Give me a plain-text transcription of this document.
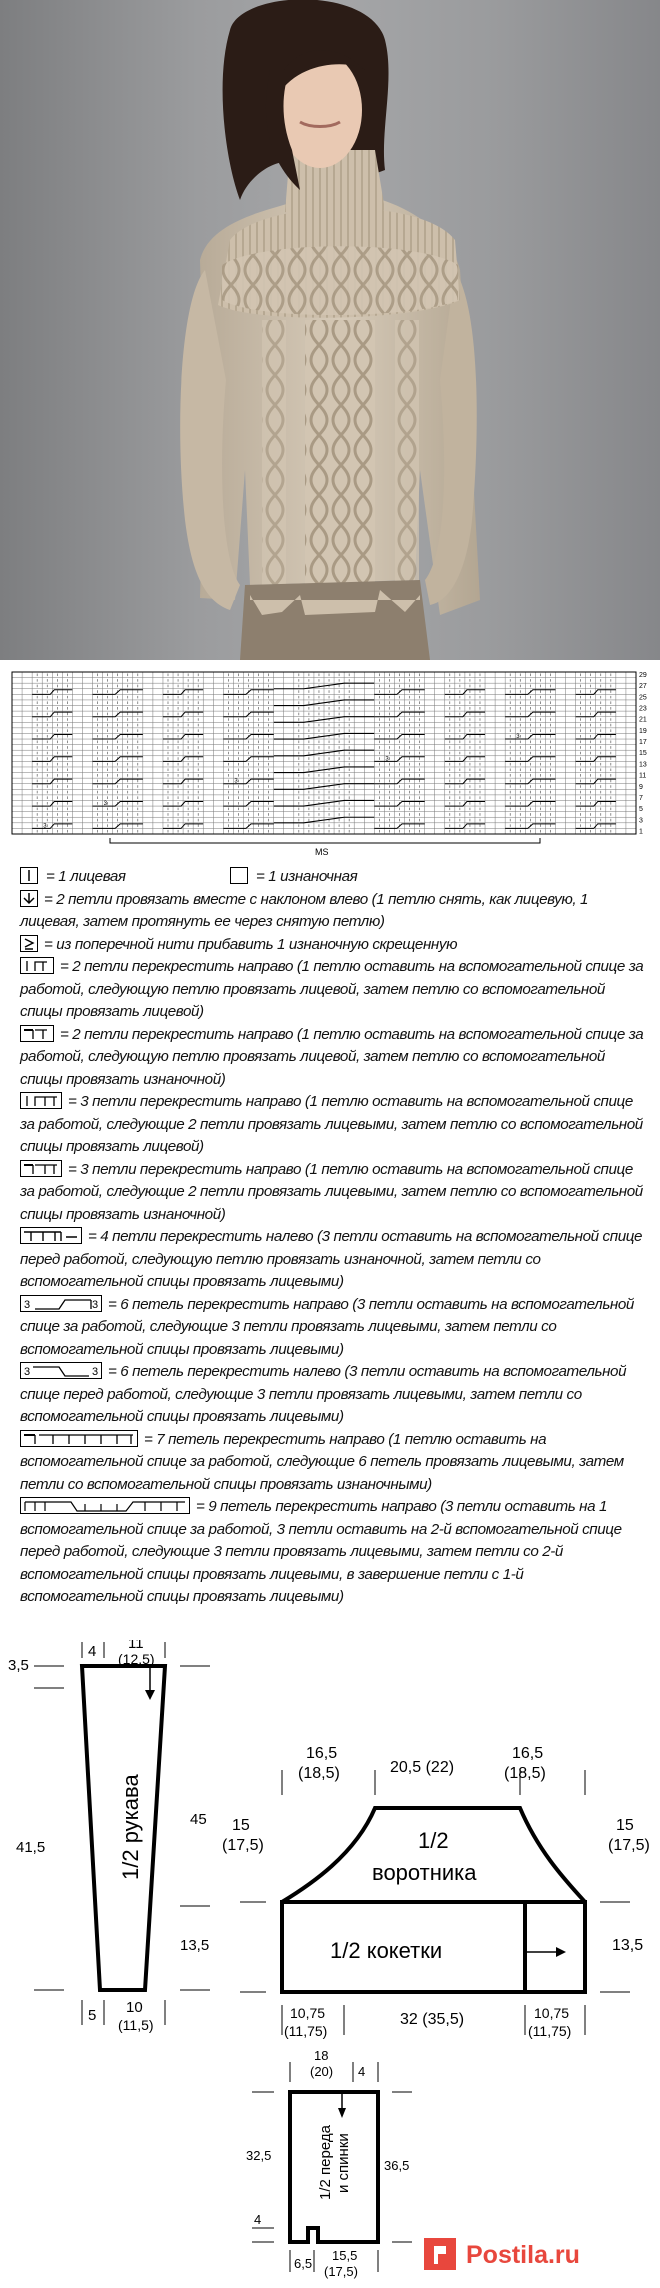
3
3
3
3
3
29
27
25
23
21
19
17
15
13
11
9
7
5
3
1
MS
= 1 лицевая	= 1 изнаночная
= 2 петли провязать вместе с наклоном влево (1 петлю снять, как лицевую, 1 лицевая, затем протянуть ее через снятую петлю)
= из поперечной нити прибавить 1 изнаночную скрещенную
= 2 петли перекрестить направо (1 петлю оставить на вспомогательной спице за работой, следующую петлю провязать лицевой, затем петлю со вспомогательной спицы провязать лицевой)
= 2 петли перекрестить направо (1 петлю оставить на вспомогательной спице за работой, следующую петлю провязать лицевой, затем петлю со вспомогательной спицы провязать изнаночной)
= 3 петли перекрестить направо (1 петлю оставить на вспомогательной спице за работой, следующие 2 петли провязать лицевыми, затем петлю со вспомогательной спицы провязать лицевой)
= 3 петли перекрестить направо (1 петлю оставить на вспомогательной спице за работой, следующие 2 петли провязать лицевыми, затем петлю со вспомогательной спицы провязать изнаночной)
= 4 петли перекрестить налево (3 петли оставить на вспомогательной спице перед работой, следующую петлю провязать изнаночной, затем петли со вспомогательной спицы провязать лицевыми)
3	3 = 6 петель перекрестить направо (3 петли оставить на вспомогательной спице за работой, следующие 3 петли провязать лицевыми, затем петли со вспомогательной спицы провязать лицевыми)
3	3 = 6 петель перекрестить налево (3 петли оставить на вспомогательной спице перед работой, следующие 3 петли провязать лицевыми, затем петли со вспомогательной спицы провязать лицевыми)
= 7 петель перекрестить направо (1 петлю оставить на вспомогательной спице за работой, следующие 6 петель провязать лицевыми, затем петли со вспомогательной спицы провязать изнаночными)
= 9 петель перекрестить направо (3 петли оставить на 1 вспомогательной спице за работой, 3 петли оставить на 2-й вспомогательной спице перед работой, следующие 3 петли провязать лицевыми, затем петли со 2-й вспомогательной спицы провязать лицевыми, в завершение петли с 1-й вспомогательной спицы провязать лицевыми)
1/2 рукава
4 11
(12,5)
3,5
41,5
45
13,5
5 10
(11,5)
1/2
воротника
1/2 кокетки
16,5
(18,5)	20,5 (22)
16,5
(18,5)
15
(17,5)
15
(17,5)
13,5
10,75
(11,75)
32 (35,5)	10,75
(11,75)
1/2 переда и спинки
18
(20) 4
32,5
4
36,5
6,5
15,5
(17,5)
Postila.ru
